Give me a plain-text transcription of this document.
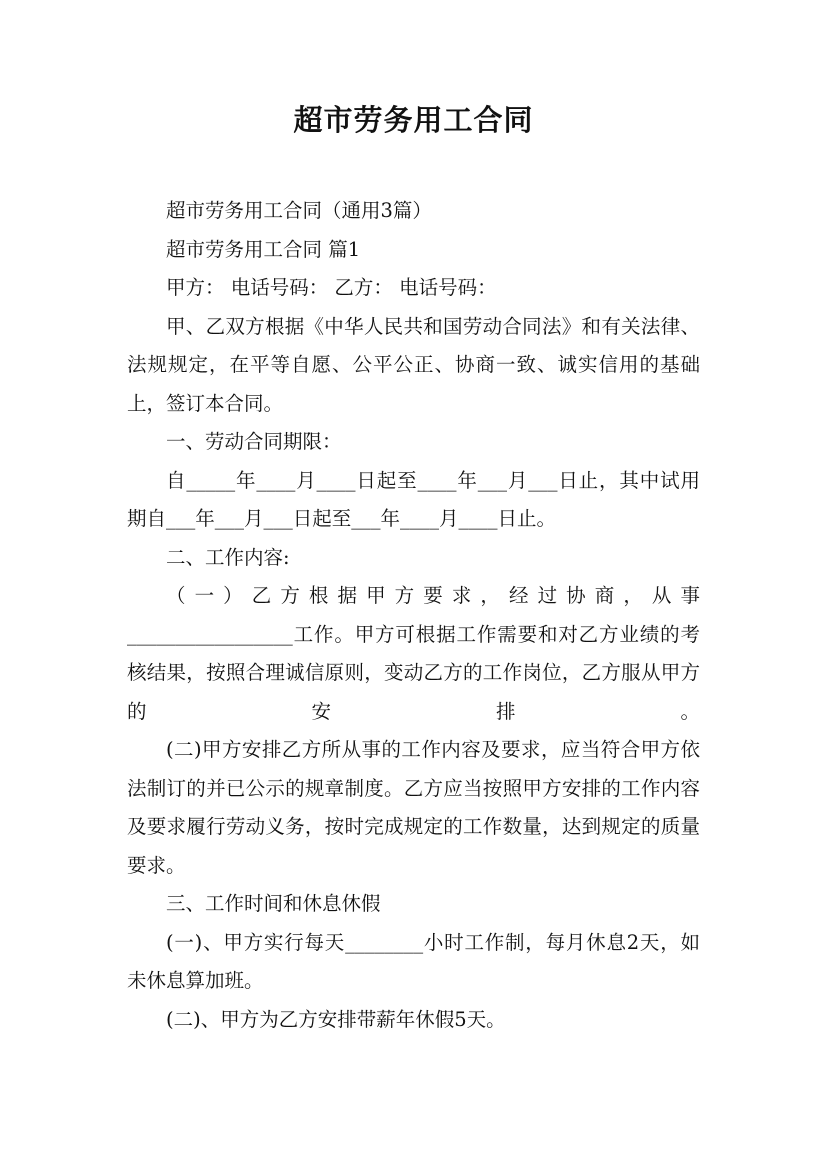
超市劳务用工合同

超市劳务用工合同（通用3篇）

超市劳务用工合同 篇1

甲方： 电话号码： 乙方： 电话号码：

甲、乙双方根据《中华人民共和国劳动合同法》和有关法律、法规规定，在平等自愿、公平公正、协商一致、诚实信用的基础上，签订本合同。

一、劳动合同期限：

自_____年____月____日起至____年___月___日止，其中试用期自___年___月___日起至___年____月____日止。

二、工作内容:

（一）乙方根据甲方要求，经过协商，从事_________________工作。甲方可根据工作需要和对乙方业绩的考核结果，按照合理诚信原则，变动乙方的工作岗位，乙方服从甲方的安排。

(二)甲方安排乙方所从事的工作内容及要求，应当符合甲方依法制订的并已公示的规章制度。乙方应当按照甲方安排的工作内容及要求履行劳动义务，按时完成规定的工作数量，达到规定的质量要求。

三、工作时间和休息休假

(一)、甲方实行每天________小时工作制，每月休息2天，如未休息算加班。

(二)、甲方为乙方安排带薪年休假5天。
